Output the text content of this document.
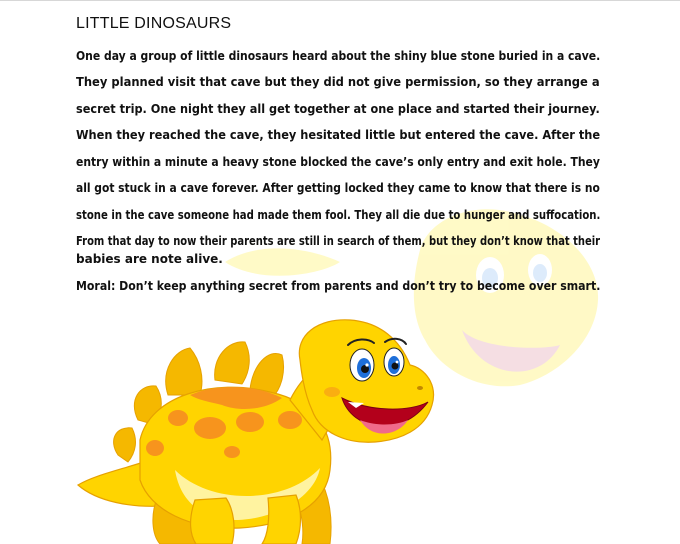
LITTLE DINOSAURS
One day a group of little dinosaurs heard about the shiny blue stone buried in a cave.
They planned visit that cave but they did not give permission, so they arrange a
secret trip. One night they all get together at one place and started their journey.
When they reached the cave, they hesitated little but entered the cave. After the
entry within a minute a heavy stone blocked the cave’s only entry and exit hole. They
all got stuck in a cave forever. After getting locked they came to know that there is no
stone in the cave someone had made them fool. They all die due to hunger and suffocation.
From that day to now their parents are still in search of them, but they don’t know that their
babies are note alive.
Moral: Don’t keep anything secret from parents and don’t try to become over smart.
